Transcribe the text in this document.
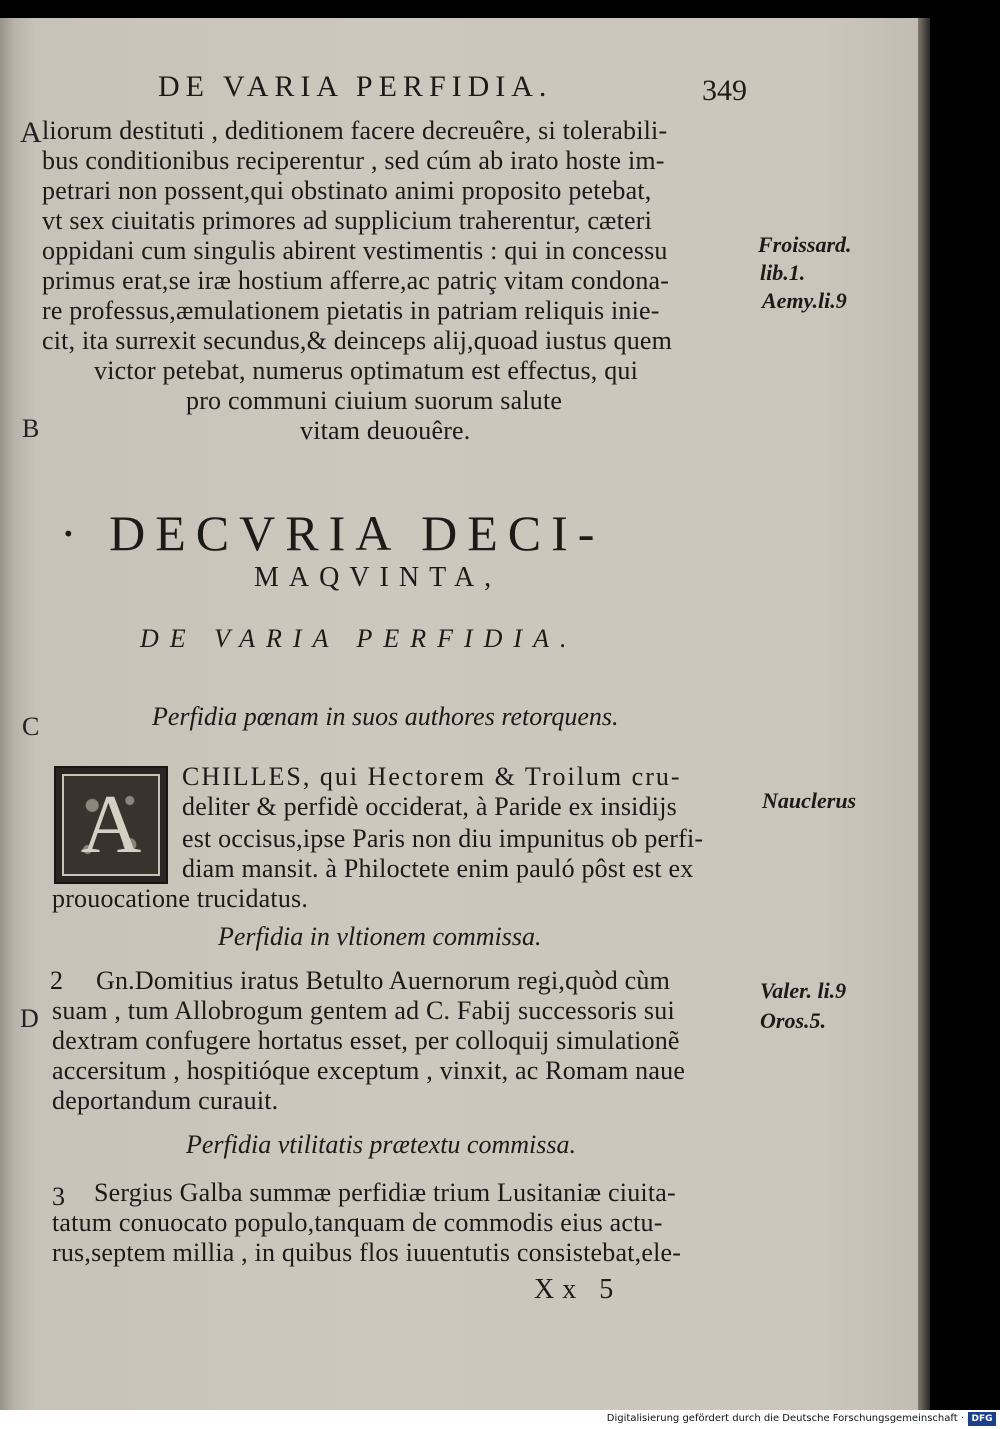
DE VARIA PERFIDIA.	349
A
B
C
D
liorum destituti , deditionem facere decreuêre, si tolerabili-
bus conditionibus reciperentur , sed cúm ab irato hoste im-
petrari non possent,qui obstinato animi proposito petebat,
vt sex ciuitatis primores ad supplicium traherentur, cæteri
oppidani cum singulis abirent vestimentis : qui in concessu
primus erat,se iræ hostium afferre,ac patriç vitam condona-
re professus,æmulationem pietatis in patriam reliquis inie-
cit, ita surrexit secundus,& deinceps alij,quoad iustus quem
victor petebat, numerus optimatum est effectus, qui
pro communi ciuium suorum salute
vitam deuouêre.
Froissard.
lib.1.
Aemy.li.9
· DECVRIA DECI-
MAQVINTA,
DE VARIA PERFIDIA.
Perfidia pœnam in suos authores retorquens.
A
CHILLES, qui Hectorem & Troilum cru-
deliter & perfidè occiderat, à Paride ex insidijs
est occisus,ipse Paris non diu impunitus ob perfi-
diam mansit. à Philoctete enim pauló pôst est ex
prouocatione trucidatus.
Nauclerus
Perfidia in vltionem commissa.
2 Gn.Domitius iratus Betulto Auernorum regi,quòd cùm
suam , tum Allobrogum gentem ad C. Fabij successoris sui
dextram confugere hortatus esset, per colloquij simulationẽ
accersitum , hospitióque exceptum , vinxit, ac Romam naue
deportandum curauit.
Valer. li.9
Oros.5.
Perfidia vtilitatis prætextu commissa.
3 Sergius Galba summæ perfidiæ trium Lusitaniæ ciuita-
tatum conuocato populo,tanquam de commodis eius actu-
rus,septem millia , in quibus flos iuuentutis consistebat,ele-
Xx 5
Digitalisierung gefördert durch die Deutsche Forschungsgemeinschaft · DFG
